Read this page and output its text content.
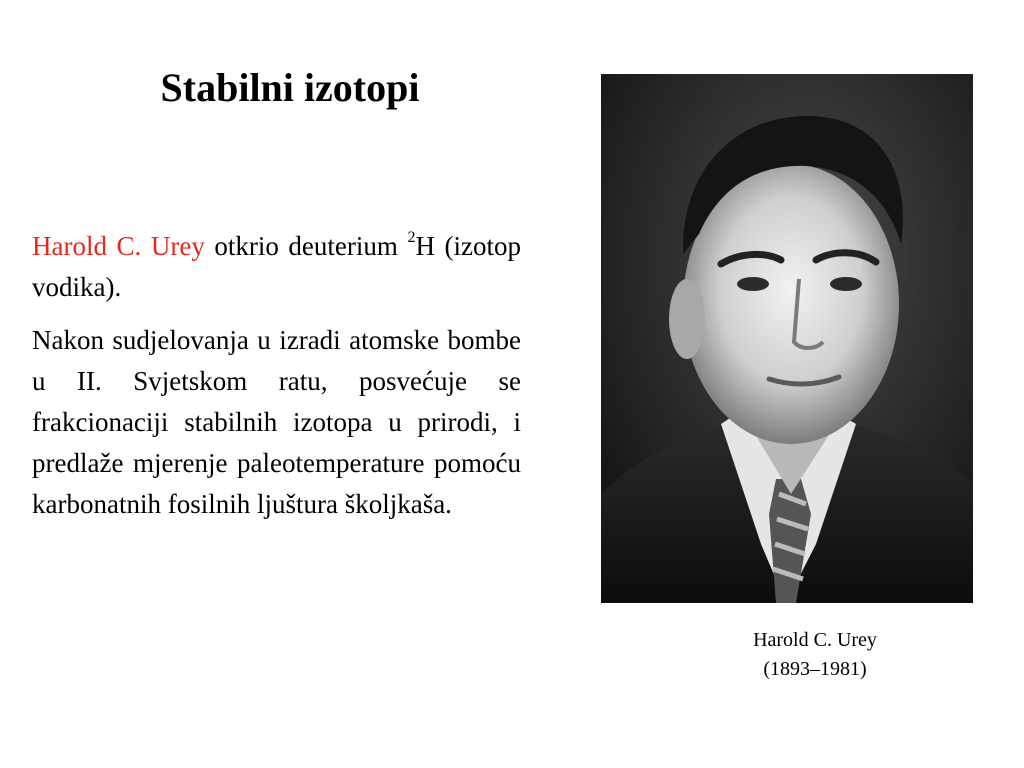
Stabilni izotopi

Harold C. Urey otkrio deuterium $^2$H (izotop vodika).

Nakon sudjelovanja u izradi atomske bombe u II. Svjetskom ratu, posvećuje se frakcionaciji stabilnih izotopa u prirodi, i predlaže mjerenje paleotemperature pomoću karbonatnih fosilnih ljuštura školjkaša.

Harold C. Urey
(1893–1981)
